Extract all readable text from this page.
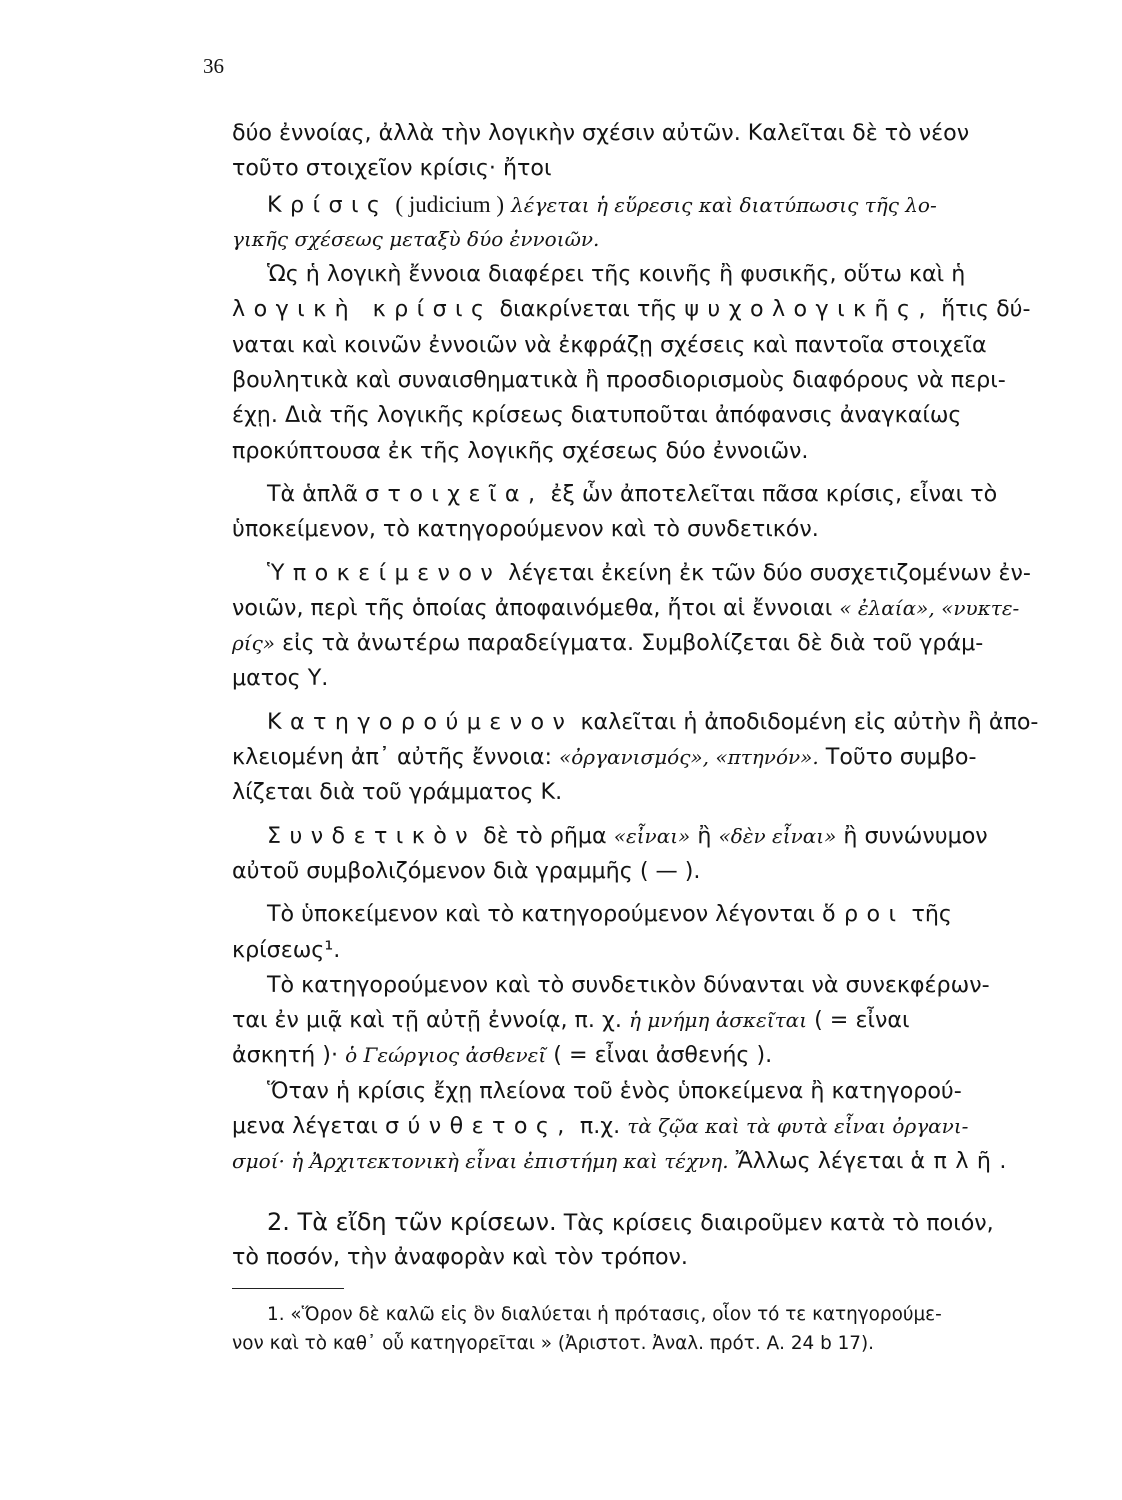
36
δύο ἐννοίας, ἀλλὰ τὴν λογικὴν σχέσιν αὐτῶν. Καλεῖται δὲ τὸ νέον
τοῦτο στοιχεῖον κρίσις· ἤτοι
Κρίσις ( judicium ) λέγεται ἡ εὕρεσις καὶ διατύπωσις τῆς λο-
γικῆς σχέσεως μεταξὺ δύο ἐννοιῶν.
Ὡς ἡ λογικὴ ἔννοια διαφέρει τῆς κοινῆς ἢ φυσικῆς, οὕτω καὶ ἡ
λογικὴ κρίσις διακρίνεται τῆς ψυχολογικῆς, ἥτις δύ-
ναται καὶ κοινῶν ἐννοιῶν νὰ ἐκφράζῃ σχέσεις καὶ παντοῖα στοιχεῖα
βουλητικὰ καὶ συναισθηματικὰ ἢ προσδιορισμοὺς διαφόρους νὰ περι-
έχῃ. Διὰ τῆς λογικῆς κρίσεως διατυποῦται ἀπόφανσις ἀναγκαίως
προκύπτουσα ἐκ τῆς λογικῆς σχέσεως δύο ἐννοιῶν.
Τὰ ἁπλᾶ στοιχεῖα, ἐξ ὧν ἀποτελεῖται πᾶσα κρίσις, εἶναι τὸ
ὑποκείμενον, τὸ κατηγορούμενον καὶ τὸ συνδετικόν.
Ὑποκείμενον λέγεται ἐκείνη ἐκ τῶν δύο συσχετιζομένων ἐν-
νοιῶν, περὶ τῆς ὁποίας ἀποφαινόμεθα, ἤτοι αἱ ἔννοιαι « ἐλαία», «νυκτε-
ρίς» εἰς τὰ ἀνωτέρω παραδείγματα. Συμβολίζεται δὲ διὰ τοῦ γράμ-
ματος Υ.
Κατηγορούμενον καλεῖται ἡ ἀποδιδομένη εἰς αὐτὴν ἢ ἀπο-
κλειομένη ἀπ᾽ αὐτῆς ἔννοια: «ὀργανισμός», «πτηνόν». Τοῦτο συμβο-
λίζεται διὰ τοῦ γράμματος Κ.
Συνδετικὸν δὲ τὸ ρῆμα «εἶναι» ἢ «δὲν εἶναι» ἢ συνώνυμον
αὐτοῦ συμβολιζόμενον διὰ γραμμῆς ( — ).
Τὸ ὑποκείμενον καὶ τὸ κατηγορούμενον λέγονται ὅροι τῆς
κρίσεως¹.
Τὸ κατηγορούμενον καὶ τὸ συνδετικὸν δύνανται νὰ συνεκφέρων-
ται ἐν μιᾷ καὶ τῇ αὐτῇ ἐννοίᾳ, π. χ. ἡ μνήμη ἀσκεῖται ( = εἶναι
ἀσκητή )· ὁ Γεώργιος ἀσθενεῖ ( = εἶναι ἀσθενής ).
Ὅταν ἡ κρίσις ἔχῃ πλείονα τοῦ ἑνὸς ὑποκείμενα ἢ κατηγορού-
μενα λέγεται σύνθετος, π.χ. τὰ ζῷα καὶ τὰ φυτὰ εἶναι ὀργανι-
σμοί· ἡ Ἀρχιτεκτονικὴ εἶναι ἐπιστήμη καὶ τέχνη. Ἄλλως λέγεται ἁπλῆ.
2. Τὰ εἴδη τῶν κρίσεων. Τὰς κρίσεις διαιροῦμεν κατὰ τὸ ποιόν,
τὸ ποσόν, τὴν ἀναφορὰν καὶ τὸν τρόπον.
1. «Ὅρον δὲ καλῶ εἰς ὃν διαλύεται ἡ πρότασις, οἷον τό τε κατηγορούμε-
νον καὶ τὸ καθ᾽ οὗ κατηγορεῖται » (Ἀριστοτ. Ἀναλ. πρότ. Α. 24 b 17).
